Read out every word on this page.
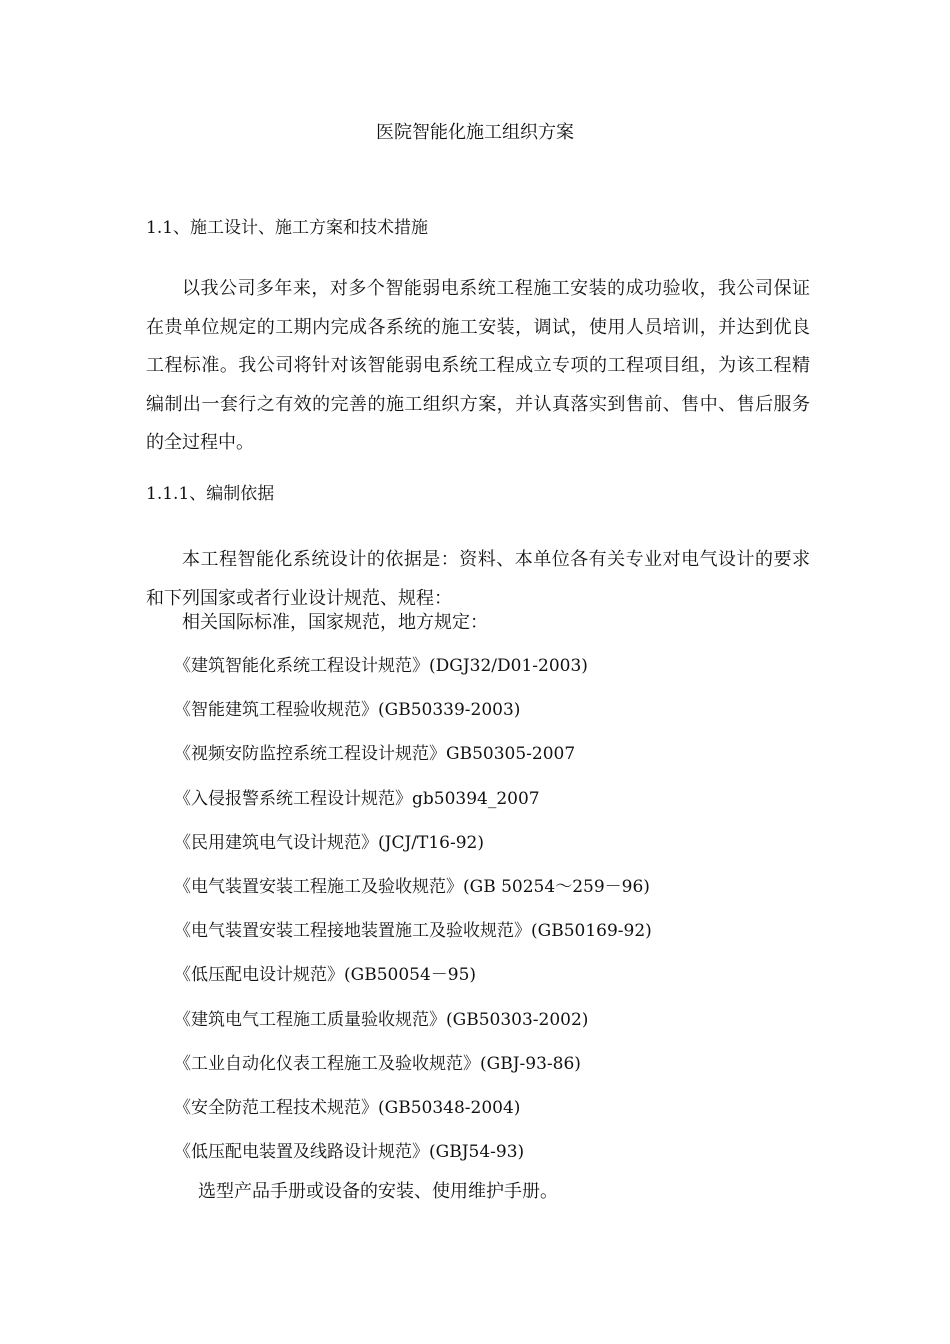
医院智能化施工组织方案
1.1、施工设计、施工方案和技术措施

以我公司多年来，对多个智能弱电系统工程施工安装的成功验收，我公司保证在贵单位规定的工期内完成各系统的施工安装，调试，使用人员培训，并达到优良工程标准。我公司将针对该智能弱电系统工程成立专项的工程项目组，为该工程精编制出一套行之有效的完善的施工组织方案，并认真落实到售前、售中、售后服务的全过程中。

1.1.1、编制依据

本工程智能化系统设计的依据是：资料、本单位各有关专业对电气设计的要求和下列国家或者行业设计规范、规程：

相关国际标准，国家规范，地方规定：

《建筑智能化系统工程设计规范》(DGJ32/D01-2003)
《智能建筑工程验收规范》(GB50339-2003)
《视频安防监控系统工程设计规范》GB50305-2007
《入侵报警系统工程设计规范》gb50394_2007
《民用建筑电气设计规范》(JCJ/T16-92)
《电气装置安装工程施工及验收规范》(GB 50254～259－96)
《电气装置安装工程接地装置施工及验收规范》(GB50169-92)
《低压配电设计规范》(GB50054－95)
《建筑电气工程施工质量验收规范》(GB50303-2002)
《工业自动化仪表工程施工及验收规范》(GBJ-93-86)
《安全防范工程技术规范》(GB50348-2004)
《低压配电装置及线路设计规范》(GBJ54-93)

选型产品手册或设备的安装、使用维护手册。
